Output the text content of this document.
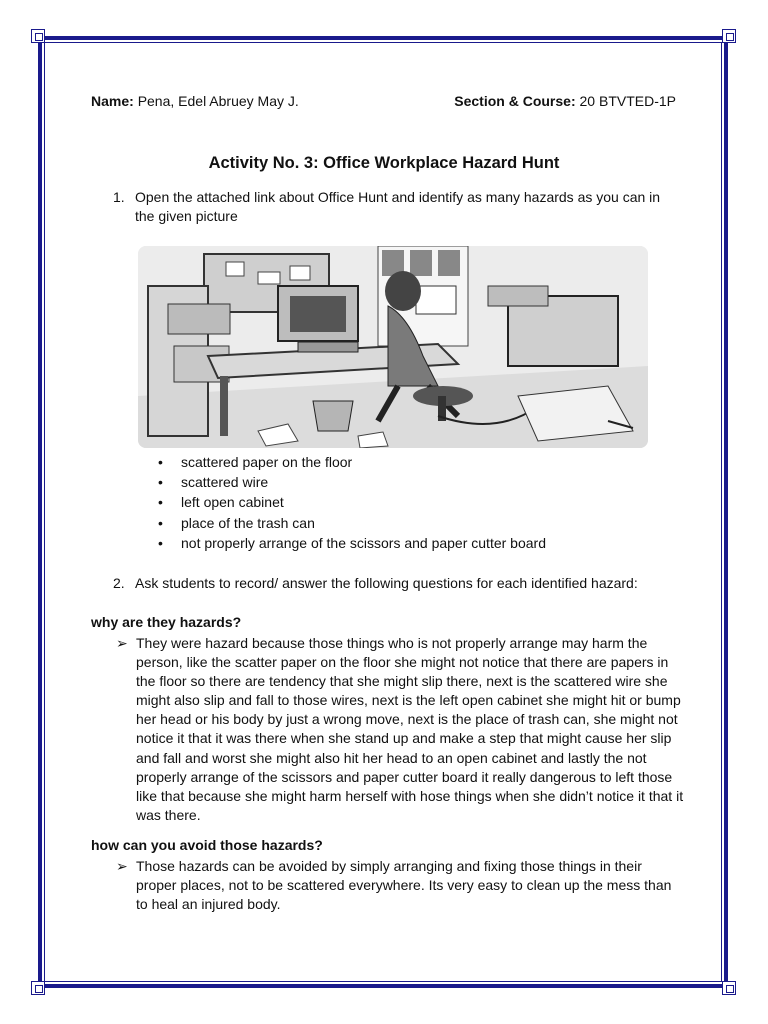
Name: Pena, Edel Abruey May J.	Section & Course: 20 BTVTED-1P
Activity No. 3: Office Workplace Hazard Hunt
1. Open the attached link about Office Hunt and identify as many hazards as you can in the given picture
• scattered paper on the floor
• scattered wire
• left open cabinet
• place of the trash can
• not properly arrange of the scissors and paper cutter board
2. Ask students to record/ answer the following questions for each identified hazard:
why are they hazards?
➢ They were hazard because those things who is not properly arrange may harm the person, like the scatter paper on the floor she might not notice that there are papers in the floor so there are tendency that she might slip there, next is the scattered wire she might also slip and fall to those wires, next is the left open cabinet she might hit or bump her head or his body by just a wrong move, next is the place of trash can, she might not notice it that it was there when she stand up and make a step that might cause her slip and fall and worst she might also hit her head to an open cabinet and lastly the not properly arrange of the scissors and paper cutter board it really dangerous to left those like that because she might harm herself with hose things when she didn’t notice it that it was there.
how can you avoid those hazards?
➢ Those hazards can be avoided by simply arranging and fixing those things in their proper places, not to be scattered everywhere. Its very easy to clean up the mess than to heal an injured body.
